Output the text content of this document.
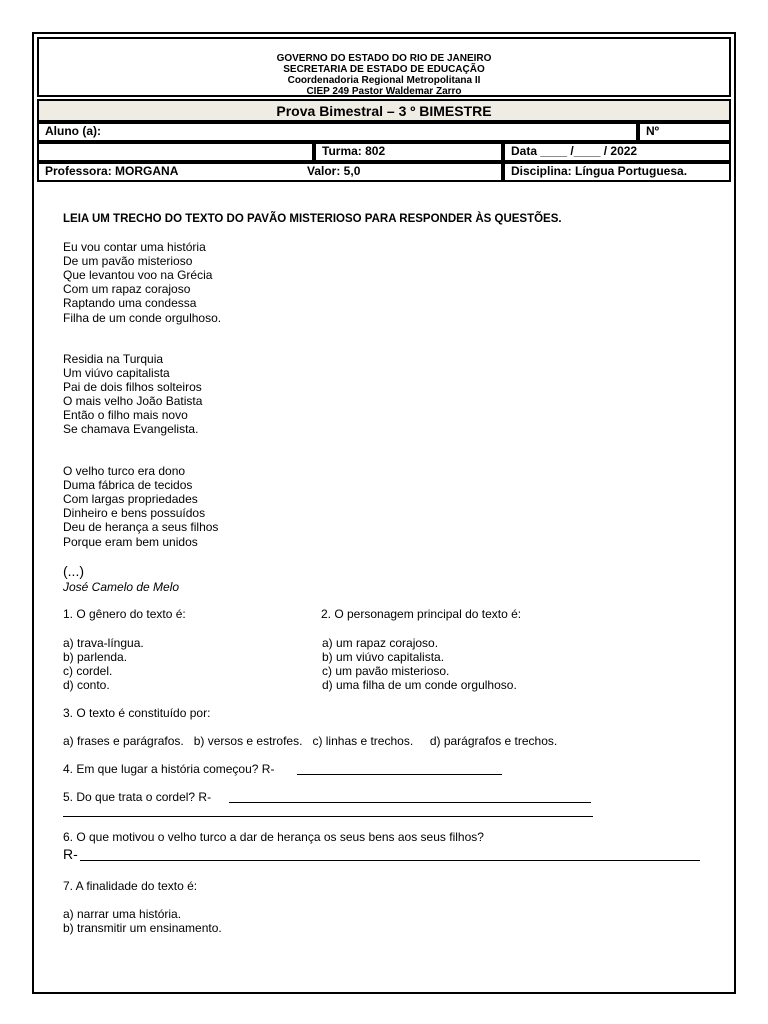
GOVERNO DO ESTADO DO RIO DE JANEIRO
SECRETARIA DE ESTADO DE EDUCAÇÃO
Coordenadoria Regional Metropolitana II
CIEP 249 Pastor Waldemar Zarro
Prova Bimestral – 3 º BIMESTRE
Aluno (a):	Nº
Turma: 802	Data ____ /____ / 2022
Professora: MORGANA	Valor: 5,0	Disciplina: Língua Portuguesa.
LEIA UM TRECHO DO TEXTO DO PAVÃO MISTERIOSO PARA RESPONDER ÀS QUESTÕES.
Eu vou contar uma história
De um pavão misterioso
Que levantou voo na Grécia
Com um rapaz corajoso
Raptando uma condessa
Filha de um conde orgulhoso.
Residia na Turquia
Um viúvo capitalista
Pai de dois filhos solteiros
O mais velho João Batista
Então o filho mais novo
Se chamava Evangelista.
O velho turco era dono
Duma fábrica de tecidos
Com largas propriedades
Dinheiro e bens possuídos
Deu de herança a seus filhos
Porque eram bem unidos
(...)
José Camelo de Melo
1. O gênero do texto é:	2. O personagem principal do texto é:
a) trava-língua.
b) parlenda.
c) cordel.
d) conto.
a) um rapaz corajoso.
b) um viúvo capitalista.
c) um pavão misterioso.
d) uma filha de um conde orgulhoso.
3. O texto é constituído por:
a) frases e parágrafos.   b) versos e estrofes.   c) linhas e trechos.     d) parágrafos e trechos.
4. Em que lugar a história começou? R-
5. Do que trata o cordel? R-
6. O que motivou o velho turco a dar de herança os seus bens aos seus filhos?
R-
7. A finalidade do texto é:
a) narrar uma história.
b) transmitir um ensinamento.
